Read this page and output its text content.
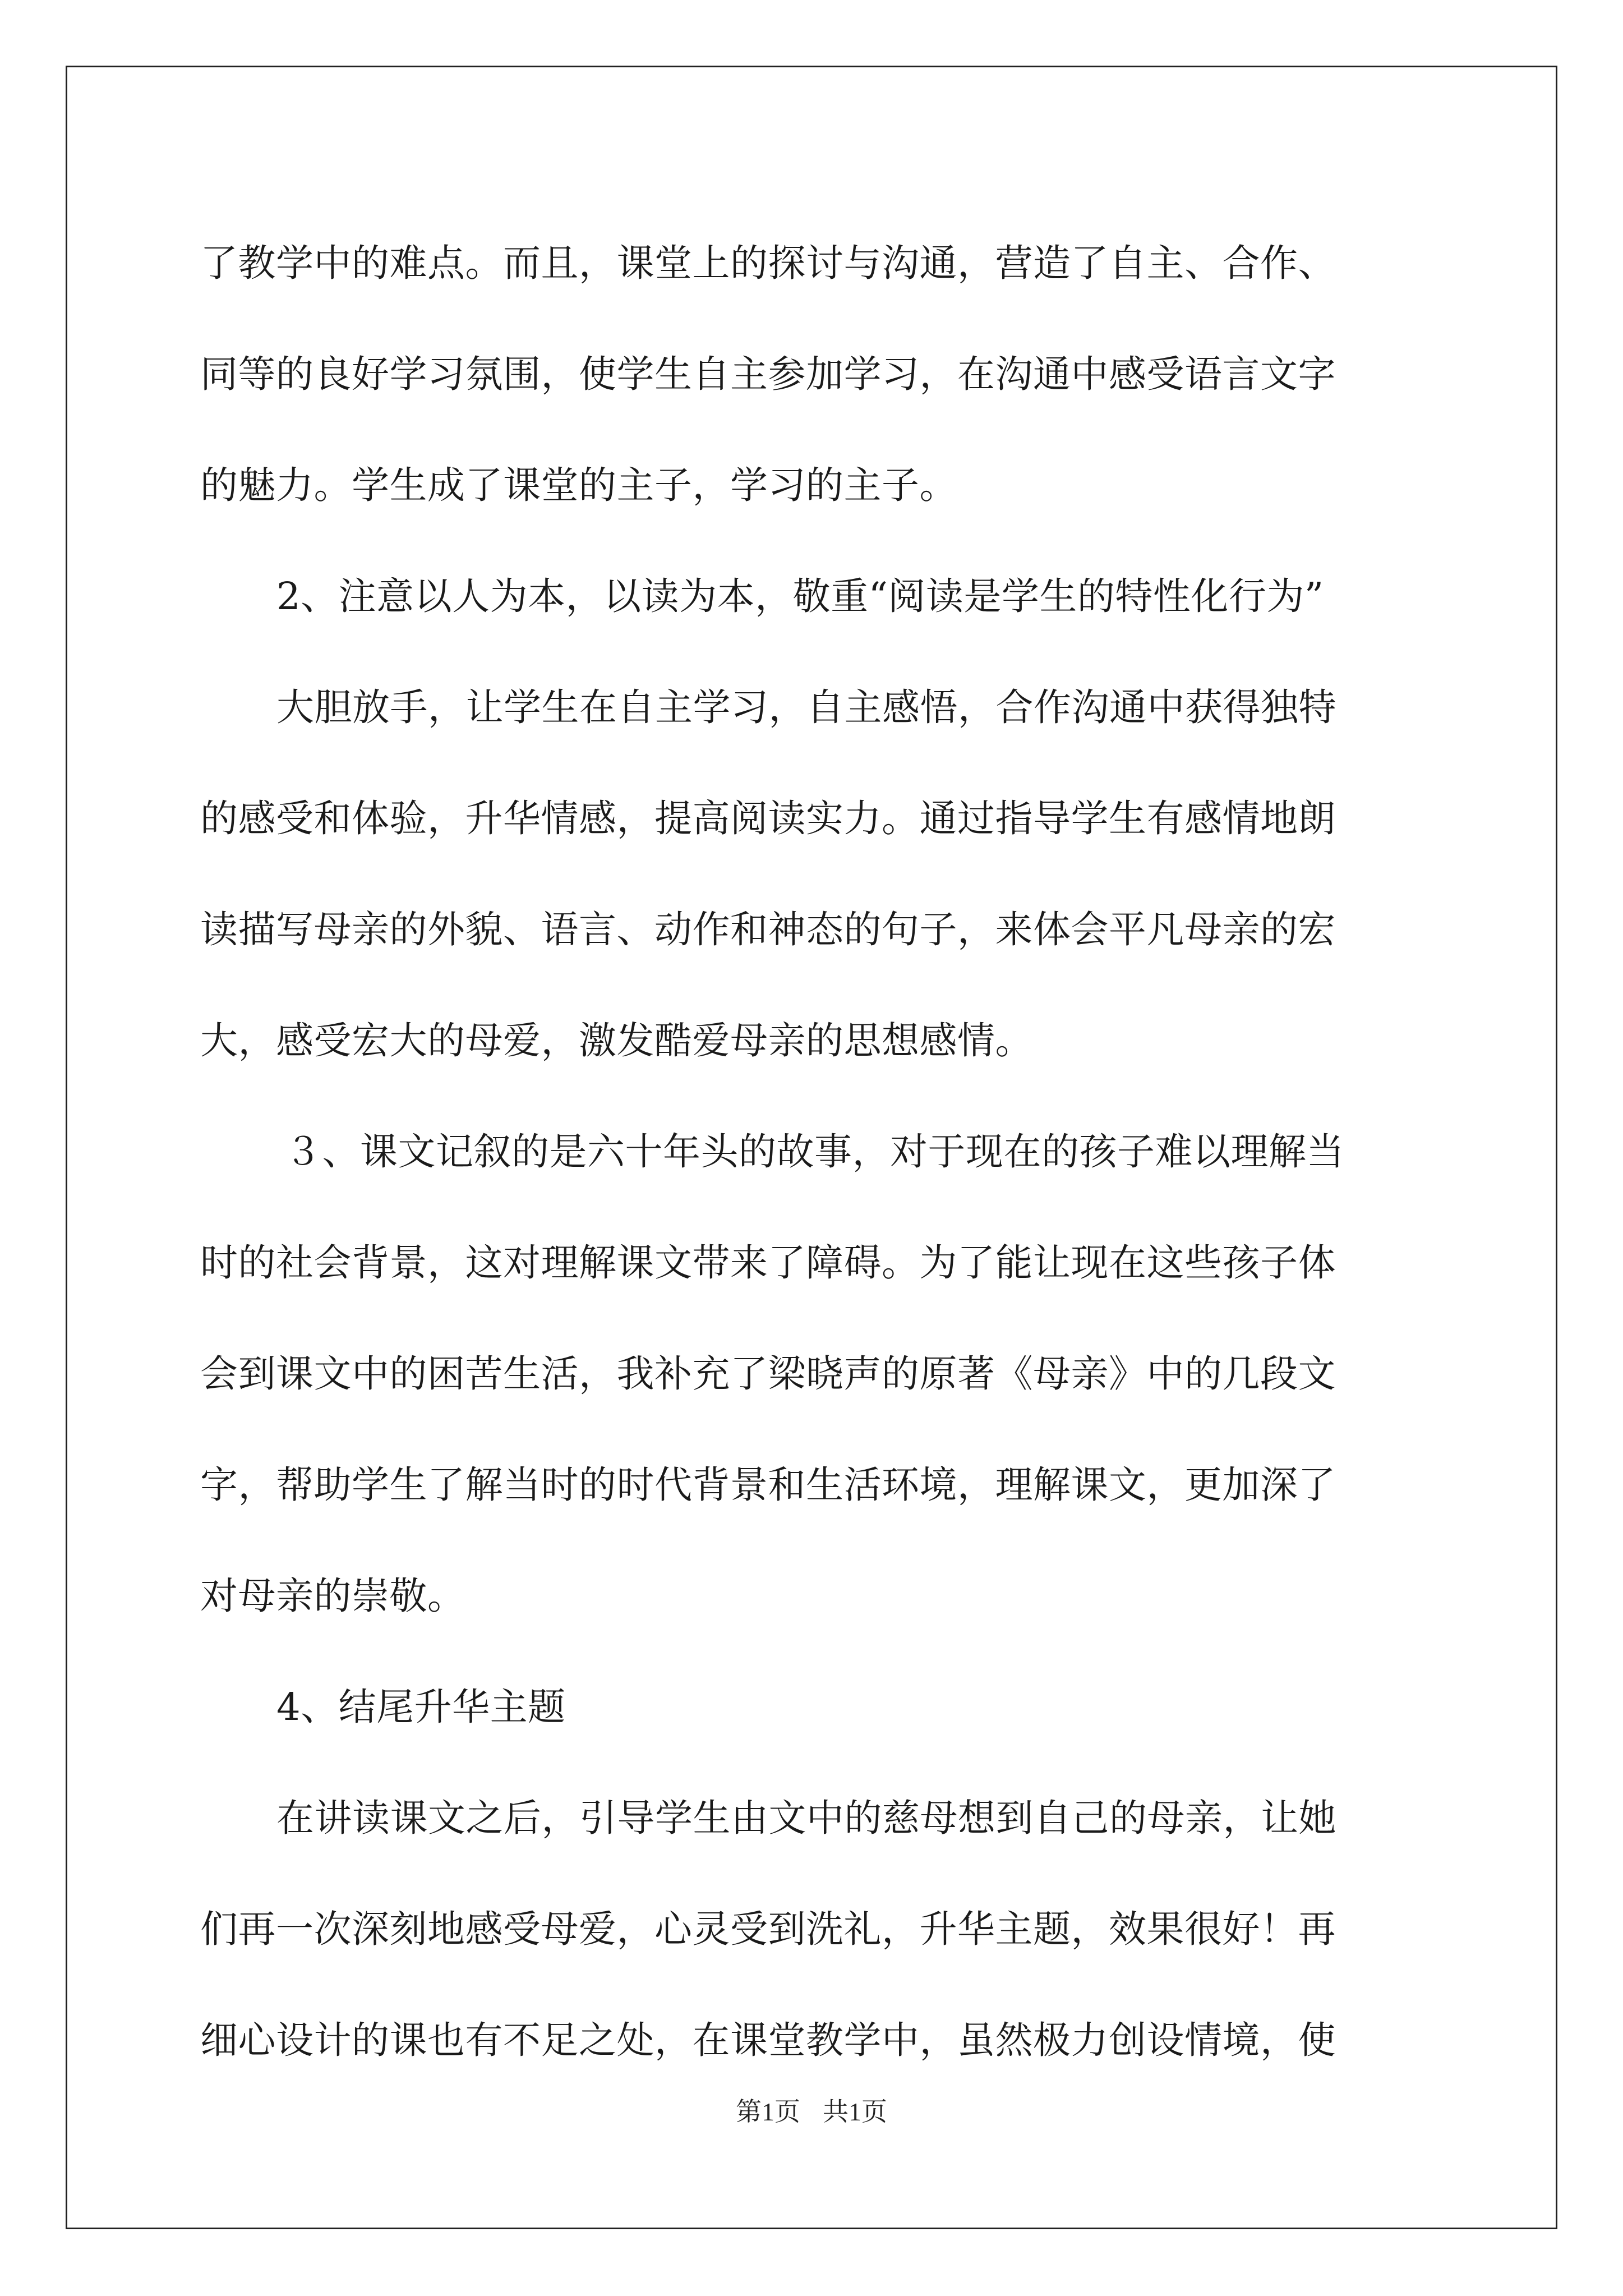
了教学中的难点。而且，课堂上的探讨与沟通，营造了自主、合作、
同等的良好学习氛围，使学生自主参加学习，在沟通中感受语言文字
的魅力。学生成了课堂的主子，学习的主子。
2、注意以人为本，以读为本，敬重“阅读是学生的特性化行为”
大胆放手，让学生在自主学习，自主感悟，合作沟通中获得独特
的感受和体验，升华情感，提高阅读实力。通过指导学生有感情地朗
读描写母亲的外貌、语言、动作和神态的句子，来体会平凡母亲的宏
大，感受宏大的母爱，激发酷爱母亲的思想感情。
３、课文记叙的是六十年头的故事，对于现在的孩子难以理解当
时的社会背景，这对理解课文带来了障碍。为了能让现在这些孩子体
会到课文中的困苦生活，我补充了梁晓声的原著《母亲》中的几段文
字，帮助学生了解当时的时代背景和生活环境，理解课文，更加深了
对母亲的崇敬。
4、结尾升华主题
在讲读课文之后，引导学生由文中的慈母想到自己的母亲，让她
们再一次深刻地感受母爱，心灵受到洗礼，升华主题，效果很好！再
细心设计的课也有不足之处，在课堂教学中，虽然极力创设情境，使
第1页 共1页
